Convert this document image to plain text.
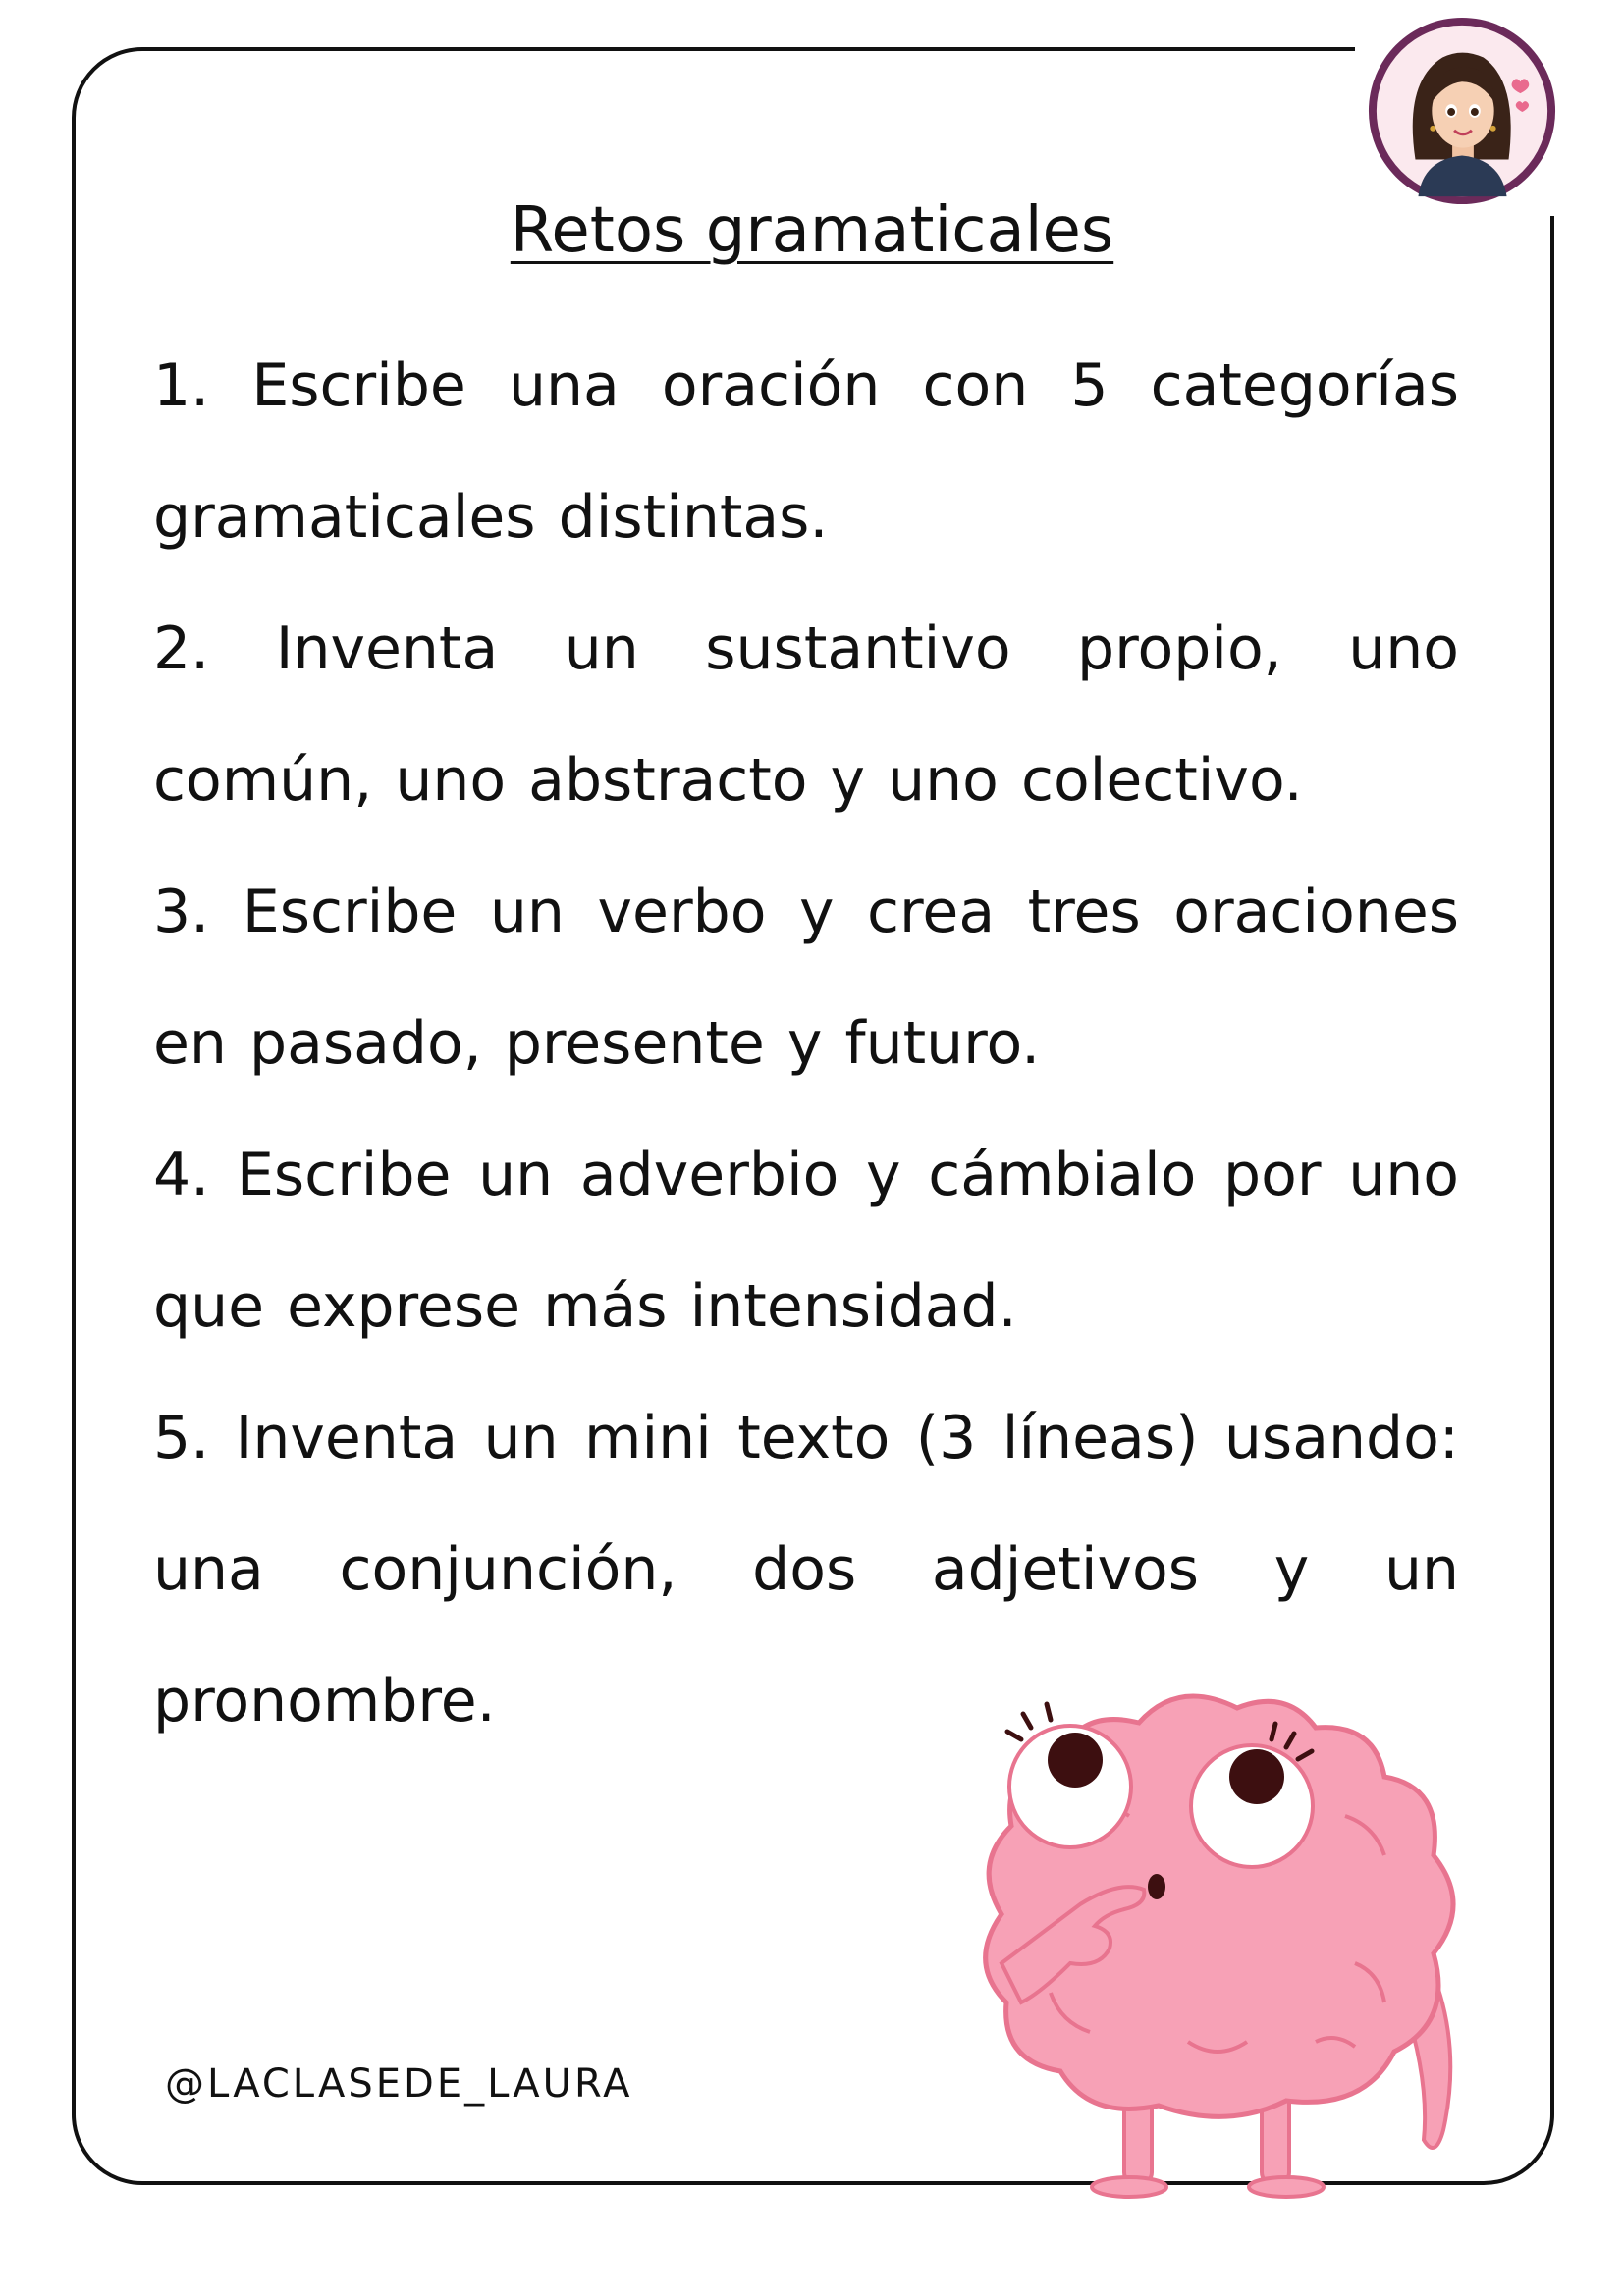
Retos gramaticales

1. Escribe una oración con 5 categorías gramaticales distintas.

2. Inventa un sustantivo propio, uno común, uno abstracto y uno colectivo.

3. Escribe un verbo y crea tres oraciones en pasado, presente y futuro.

4. Escribe un adverbio y cámbialo por uno que exprese más intensidad.

5. Inventa un mini texto (3 líneas) usando: una conjunción, dos adjetivos y un pronombre.

@LACLASEDE_LAURA
